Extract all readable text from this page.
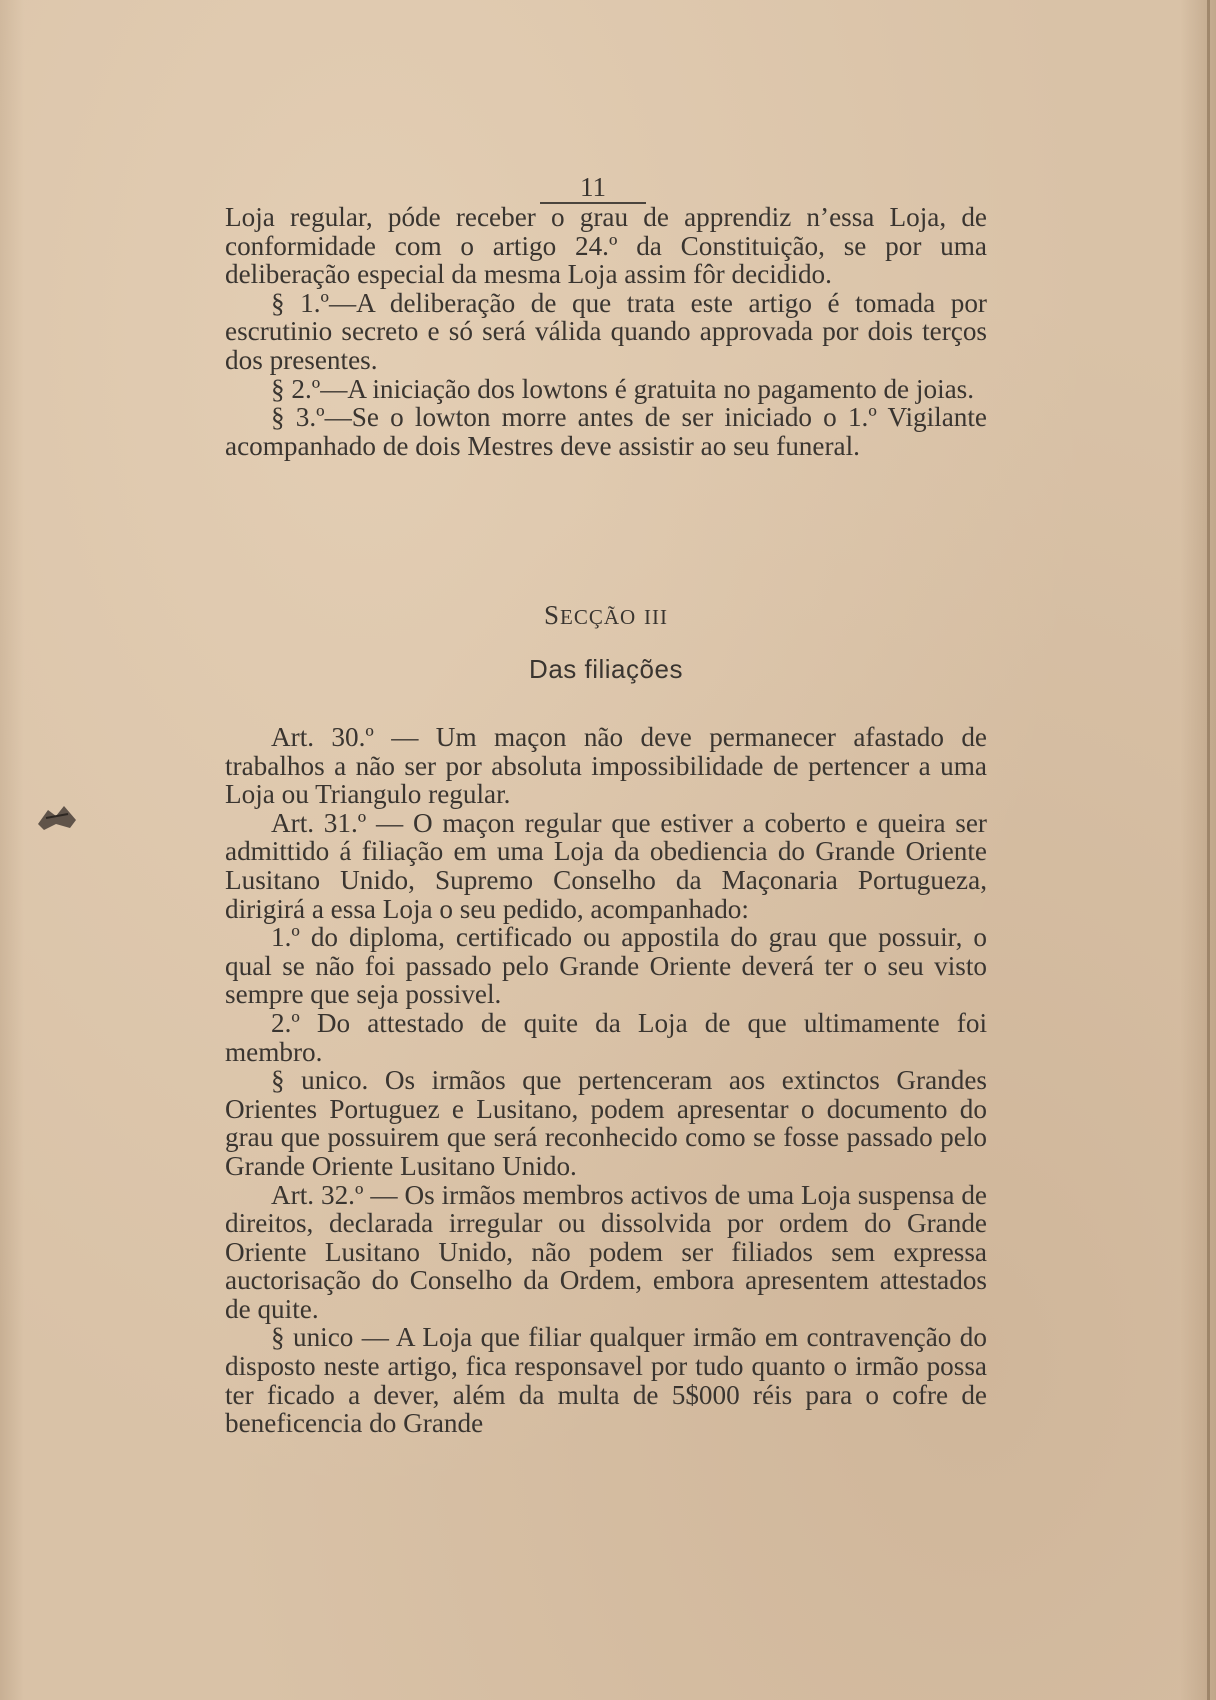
11

Loja regular, póde receber o grau de apprendiz n’essa Loja, de conformidade com o artigo 24.º da Constituição, se por uma deliberação especial da mesma Loja assim fôr decidido.

§ 1.º—A deliberação de que trata este artigo é tomada por escrutinio secreto e só será válida quando approvada por dois terços dos presentes.

§ 2.º—A iniciação dos lowtons é gratuita no pagamento de joias.

§ 3.º—Se o lowton morre antes de ser iniciado o 1.º Vigilante acompanhado de dois Mestres deve assistir ao seu funeral.

SECÇÃO III
Das filiações

Art. 30.º — Um maçon não deve permanecer afastado de trabalhos a não ser por absoluta impossibilidade de pertencer a uma Loja ou Triangulo regular.

Art. 31.º — O maçon regular que estiver a coberto e queira ser admittido á filiação em uma Loja da obediencia do Grande Oriente Lusitano Unido, Supremo Conselho da Maçonaria Portugueza, dirigirá a essa Loja o seu pedido, acompanhado:

1.º do diploma, certificado ou appostila do grau que possuir, o qual se não foi passado pelo Grande Oriente deverá ter o seu visto sempre que seja possivel.

2.º Do attestado de quite da Loja de que ultimamente foi membro.

§ unico. Os irmãos que pertenceram aos extinctos Grandes Orientes Portuguez e Lusitano, podem apresentar o documento do grau que possuirem que será reconhecido como se fosse passado pelo Grande Oriente Lusitano Unido.

Art. 32.º — Os irmãos membros activos de uma Loja suspensa de direitos, declarada irregular ou dissolvida por ordem do Grande Oriente Lusitano Unido, não podem ser filiados sem expressa auctorisação do Conselho da Ordem, embora apresentem attestados de quite.

§ unico — A Loja que filiar qualquer irmão em contravenção do disposto neste artigo, fica responsavel por tudo quanto o irmão possa ter ficado a dever, além da multa de 5$000 réis para o cofre de beneficencia do Grande
